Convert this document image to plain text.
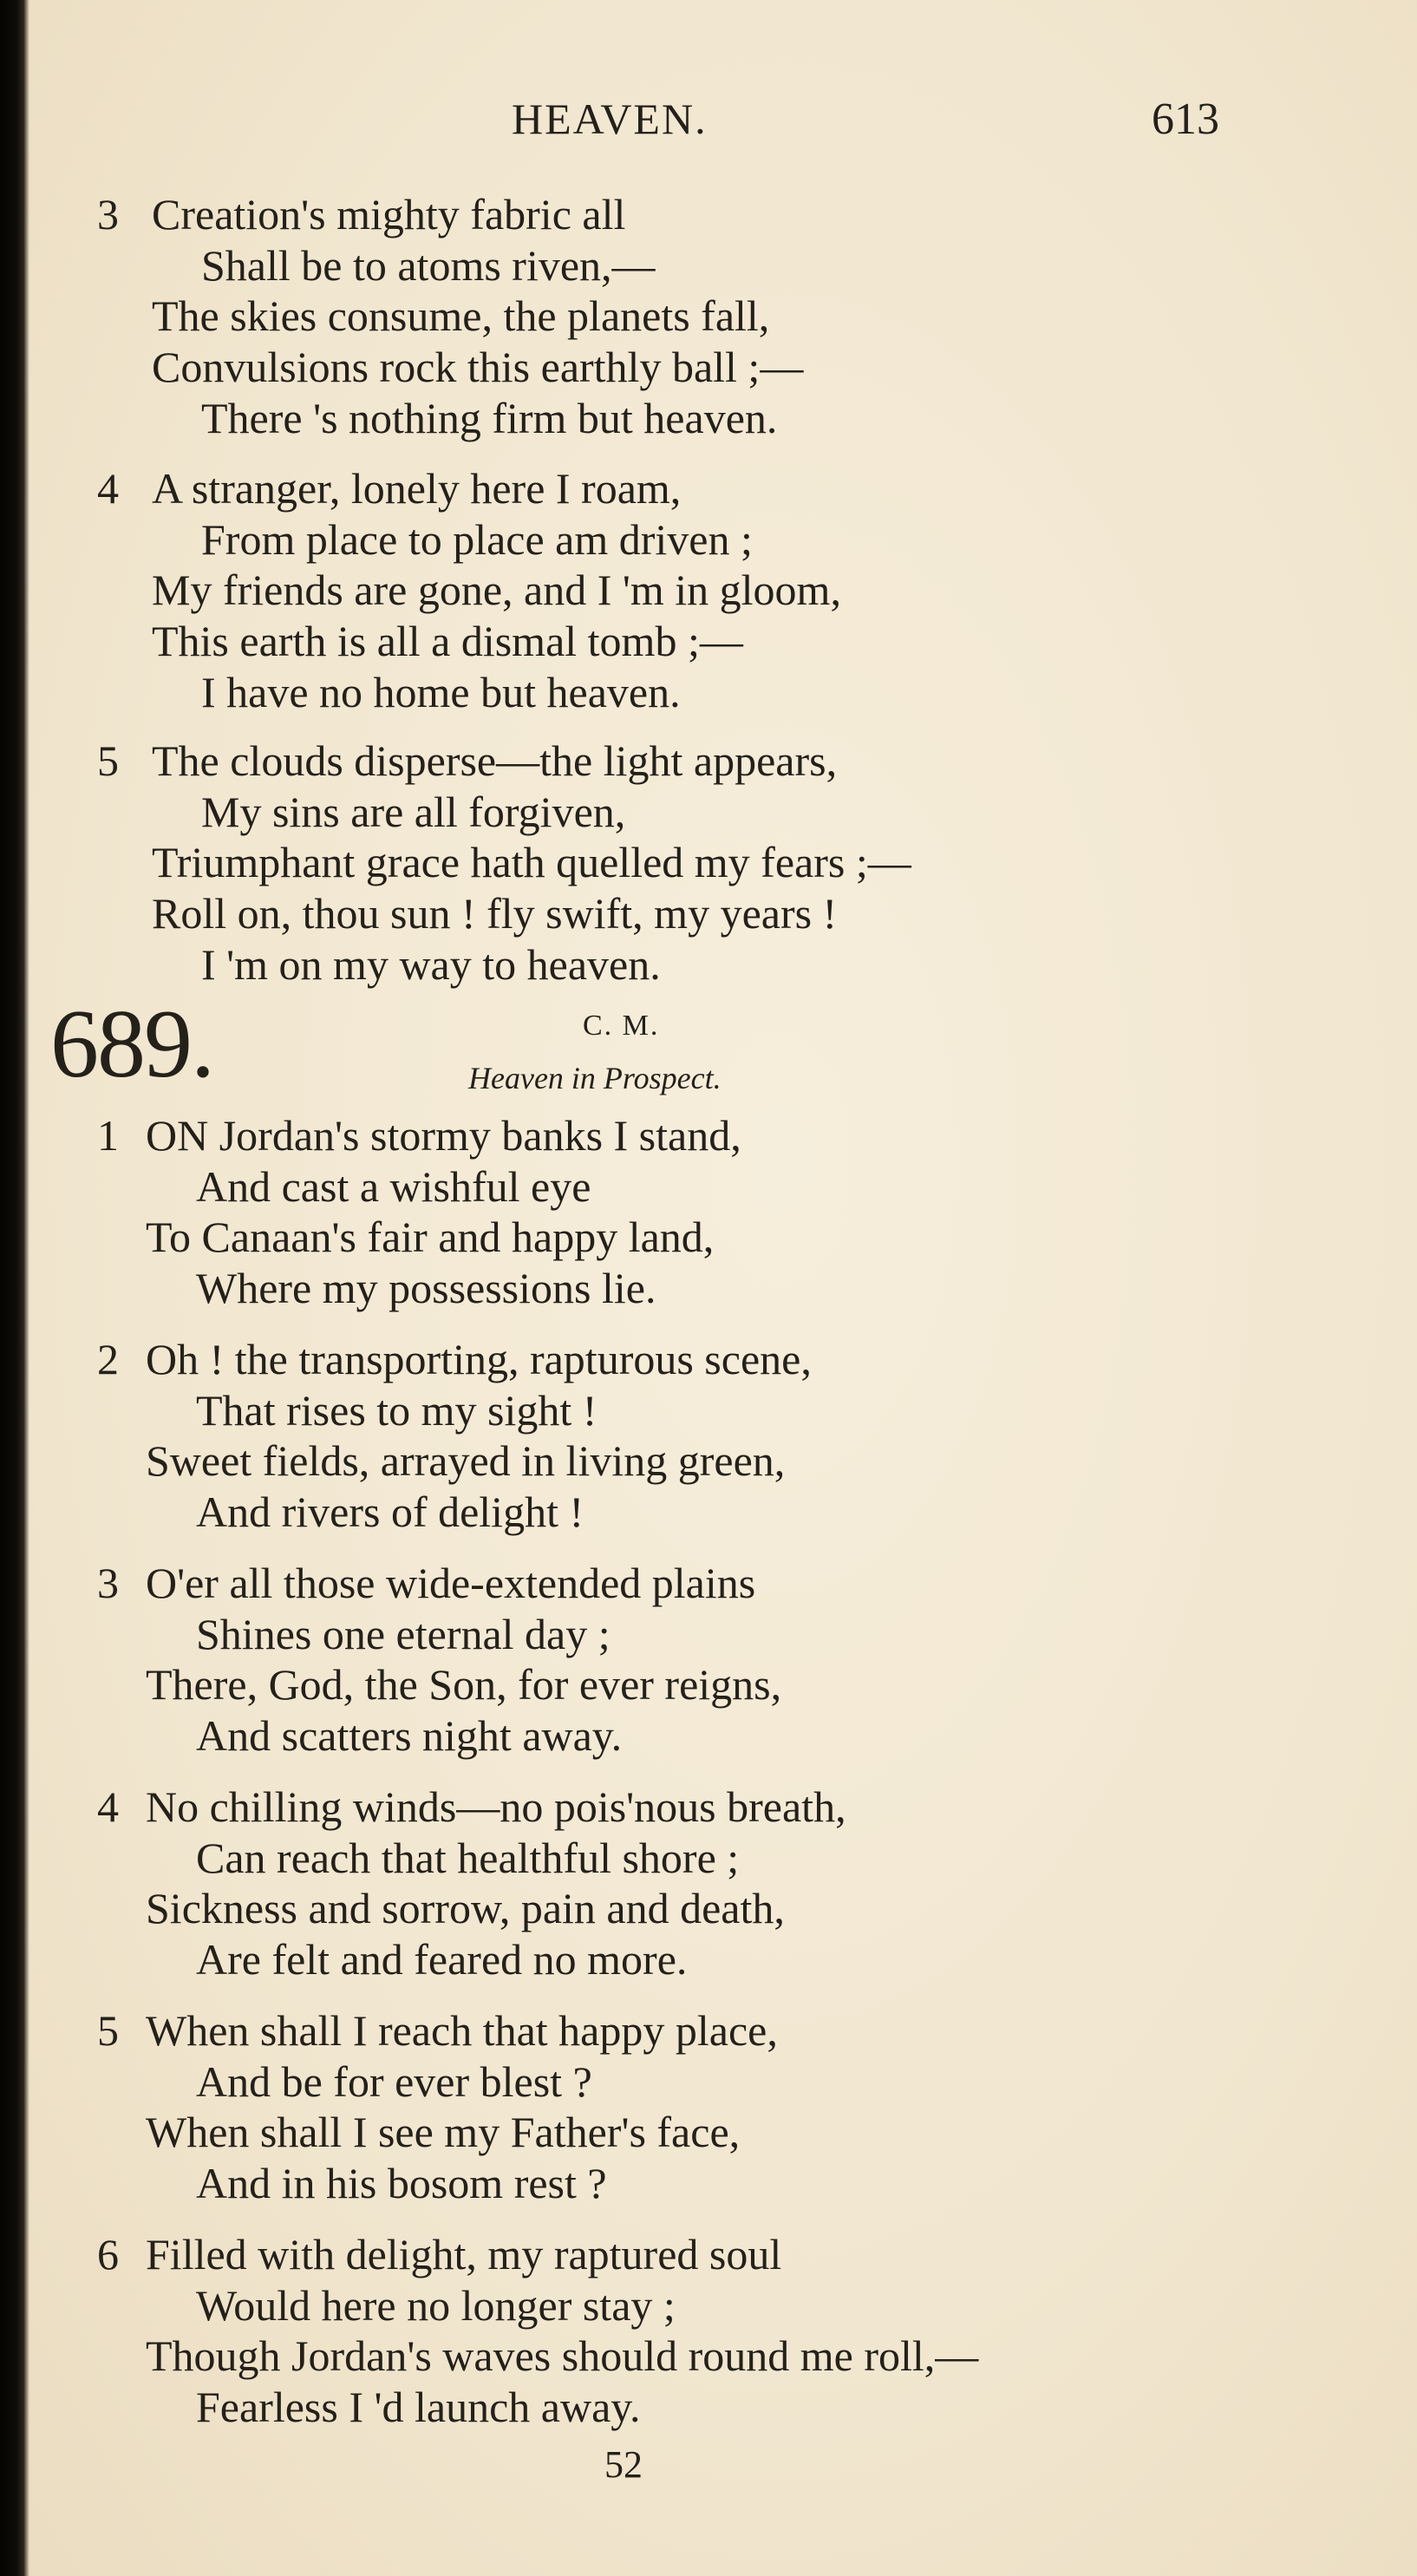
HEAVEN.	613
3 Creation's mighty fabric all
Shall be to atoms riven,—
The skies consume, the planets fall,
Convulsions rock this earthly ball ;—
There 's nothing firm but heaven.
4 A stranger, lonely here I roam,
From place to place am driven ;
My friends are gone, and I 'm in gloom,
This earth is all a dismal tomb ;—
I have no home but heaven.
5 The clouds disperse—the light appears,
My sins are all forgiven,
Triumphant grace hath quelled my fears ;—
Roll on, thou sun ! fly swift, my years !
I 'm on my way to heaven.
689.	C. M.
Heaven in Prospect.
1 ON Jordan's stormy banks I stand,
And cast a wishful eye
To Canaan's fair and happy land,
Where my possessions lie.
2 Oh ! the transporting, rapturous scene,
That rises to my sight !
Sweet fields, arrayed in living green,
And rivers of delight !
3 O'er all those wide-extended plains
Shines one eternal day ;
There, God, the Son, for ever reigns,
And scatters night away.
4 No chilling winds—no pois'nous breath,
Can reach that healthful shore ;
Sickness and sorrow, pain and death,
Are felt and feared no more.
5 When shall I reach that happy place,
And be for ever blest ?
When shall I see my Father's face,
And in his bosom rest ?
6 Filled with delight, my raptured soul
Would here no longer stay ;
Though Jordan's waves should round me roll,—
Fearless I 'd launch away.
52
